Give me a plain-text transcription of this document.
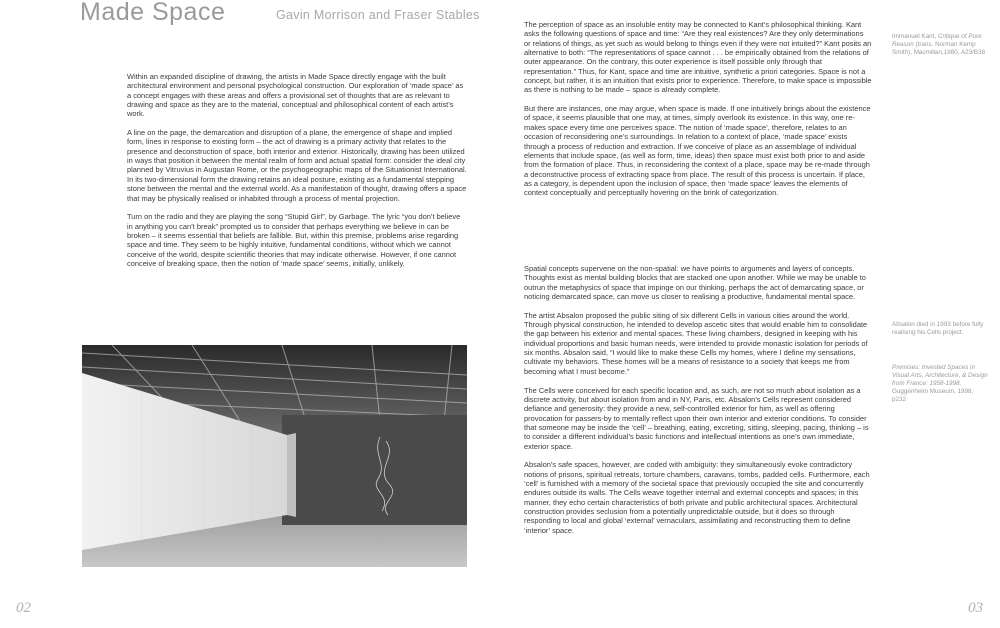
Made Space	Gavin Morrison and Fraser Stables

Within an expanded discipline of drawing, the artists in Made Space directly engage with the built architectural environment and personal psychological construction. Our exploration of ‘made space’ as a concept engages with these areas and offers a provisional set of thoughts that are as relevant to drawing and space as they are to the material, conceptual and philosophical content of each artist’s work.

A line on the page, the demarcation and disruption of a plane, the emergence of shape and implied form, lines in response to existing form – the act of drawing is a primary activity that relates to the presence and deconstruction of space, both interior and exterior. Historically, drawing has been utilized in ways that position it between the mental realm of form and actual spatial form: consider the ideal city planned by Vitruvius in Augustan Rome, or the psychogeographic maps of the Situationist International. In its two-dimensional form the drawing retains an ideal posture, existing as a fundamental stepping stone between the mental and the external world. As a manifestation of thought, drawing offers a space that may be physically realised or inhabited through a process of mental projection.

Turn on the radio and they are playing the song “Stupid Girl”, by Garbage. The lyric “you don’t believe in anything you can’t break” prompted us to consider that perhaps everything we believe in can be broken – it seems essential that beliefs are fallible. But, within this premise, problems arise regarding space and time. They seem to be highly intuitive, fundamental conditions, without which we cannot conceive of the world, despite scientific theories that may indicate otherwise. However, if one cannot conceive of breaking space, then the notion of ‘made space’ seems, initially, unlikely.

02	03

The perception of space as an insoluble entity may be connected to Kant’s philosophical thinking. Kant asks the following questions of space and time: “Are they real existences? Are they only determinations or relations of things, as yet such as would belong to things even if they were not intuited?” Kant posits an alternative to both: “The representations of space cannot . . . be empirically obtained from the relations of outer appearance. On the contrary, this outer experience is itself possible only through that representation.” Thus, for Kant, space and time are intuitive, synthetic a priori categories. Space is not a concept, but rather, it is an intuition that exists prior to experience. Therefore, to make space is impossible as there is nothing to be made – space is already complete.

But there are instances, one may argue, when space is made. If one intuitively brings about the existence of space, it seems plausible that one may, at times, simply overlook its existence. In this way, one re-makes space every time one perceives space. The notion of ‘made space’, therefore, relates to an occasion of reconsidering one’s surroundings. In relation to a context of place, ‘made space’ exists through a process of reduction and extraction. If we conceive of place as an assemblage of individual elements that include space, (as well as form, time, ideas) then space must exist both prior to and aside from the formation of place. Thus, in reconsidering the context of a place, space may be re-made through a deconstructive process of extracting space from place. The result of this process is uncertain. If place, as a category, is dependent upon the inclusion of space, then ‘made space’ leaves the elements of context conceptually and perceptually hovering on the brink of categorization.

Spatial concepts supervene on the non-spatial: we have points to arguments and layers of concepts. Thoughts exist as mental building blocks that are stacked one upon another. While we may be unable to outrun the metaphysics of space that impinge on our thinking, perhaps the act of demarcating space, or noticing demarcated space, can move us closer to realising a productive, fundamental mental space.

The artist Absalon proposed the public siting of six different Cells in various cities around the world. Through physical construction, he intended to develop ascetic sites that would enable him to consolidate the gap between his exterior and mental spaces. These living chambers, designed in keeping with his individual proportions and basic human needs, were intended to provide monastic isolation for periods of six months. Absalon said, “I would like to make these Cells my homes, where I define my sensations, cultivate my behaviors. These homes will be a means of resistance to a society that keeps me from becoming what I must become.”

The Cells were conceived for each specific location and, as such, are not so much about isolation as a discrete activity, but about isolation from and in NY, Paris, etc. Absalon’s Cells represent considered defiance and generosity: they provide a new, self-controlled exterior for him, as well as offering provocation for passers-by to mentally reflect upon their own interior and exterior conditions. To consider that someone may be inside the ‘cell’ – breathing, eating, excreting, sitting, sleeping, pacing, thinking – is to consider a different individual’s basic functions and intellectual intentions as one’s own immediate, exterior space.

Absalon’s safe spaces, however, are coded with ambiguity: they simultaneously evoke contradictory notions of prisons, spiritual retreats, torture chambers, caravans, tombs, padded cells. Furthermore, each ‘cell’ is furnished with a memory of the societal space that previously occupied the site and concurrently endures outside its walls. The Cells weave together internal and external concepts and spaces; in this manner, they echo certain characteristics of both private and public architectural spaces. Architectural construction provides seclusion from a potentially unpredictable outside, but it does so through responding to local and global ‘external’ vernaculars, assimilating and reconstructing them to define ‘interior’ space.

Immanuel Kant, Critique of Pure Reason (trans. Norman Kemp Smith), Macmillan,1980, A23/B38
Absalon died in 1993 before fully realising his Cells project.
Premises: Invested Spaces in Visual Arts, Architecture, & Design from France: 1958-1998, Guggenheim Museum, 1998, p232
